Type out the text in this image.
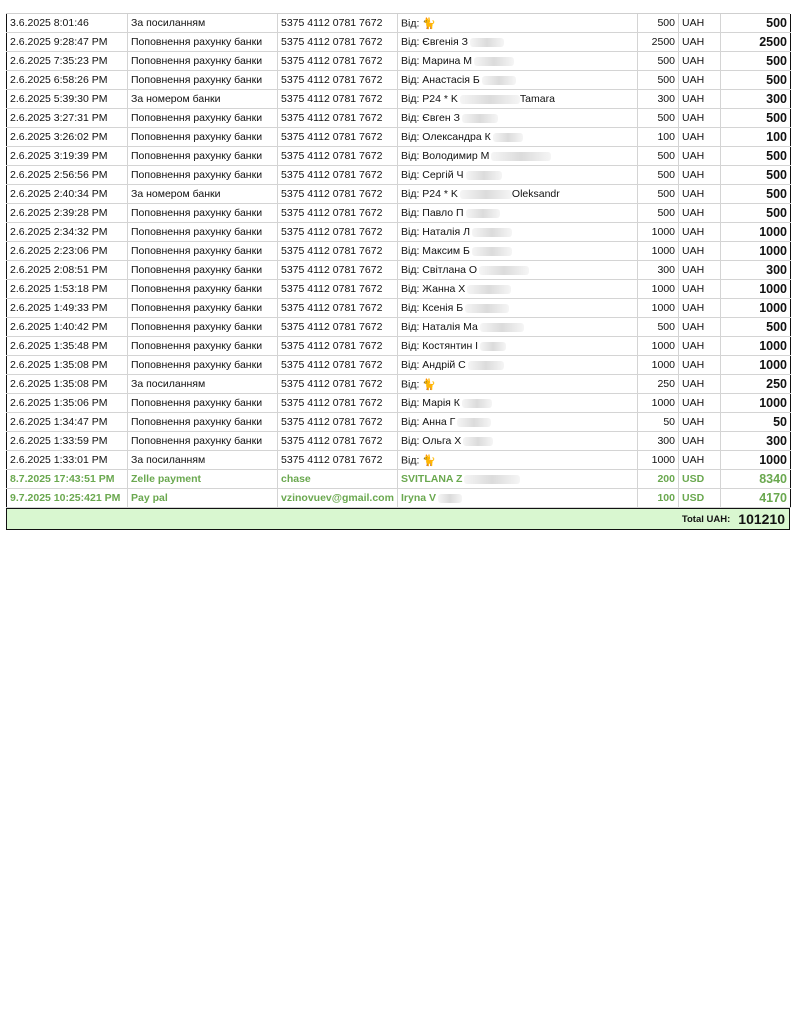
3.6.2025 8:01:46	За посиланням	5375 4112 0781 7672	Від: 🐈	500	UAH	500
2.6.2025 9:28:47 PM	Поповнення рахунку банки	5375 4112 0781 7672	Від: Євгенія З	2500	UAH	2500
2.6.2025 7:35:23 PM	Поповнення рахунку банки	5375 4112 0781 7672	Від: Марина М	500	UAH	500
2.6.2025 6:58:26 PM	Поповнення рахунку банки	5375 4112 0781 7672	Від: Анастасія Б	500	UAH	500
2.6.2025 5:39:30 PM	За номером банки	5375 4112 0781 7672	Від: P24 * K Tamara	300	UAH	300
2.6.2025 3:27:31 PM	Поповнення рахунку банки	5375 4112 0781 7672	Від: Євген З	500	UAH	500
2.6.2025 3:26:02 PM	Поповнення рахунку банки	5375 4112 0781 7672	Від: Олександра К	100	UAH	100
2.6.2025 3:19:39 PM	Поповнення рахунку банки	5375 4112 0781 7672	Від: Володимир М	500	UAH	500
2.6.2025 2:56:56 PM	Поповнення рахунку банки	5375 4112 0781 7672	Від: Сергій Ч	500	UAH	500
2.6.2025 2:40:34 PM	За номером банки	5375 4112 0781 7672	Від: P24 * K Oleksandr	500	UAH	500
2.6.2025 2:39:28 PM	Поповнення рахунку банки	5375 4112 0781 7672	Від: Павло П	500	UAH	500
2.6.2025 2:34:32 PM	Поповнення рахунку банки	5375 4112 0781 7672	Від: Наталія Л	1000	UAH	1000
2.6.2025 2:23:06 PM	Поповнення рахунку банки	5375 4112 0781 7672	Від: Максим Б	1000	UAH	1000
2.6.2025 2:08:51 PM	Поповнення рахунку банки	5375 4112 0781 7672	Від: Світлана О	300	UAH	300
2.6.2025 1:53:18 PM	Поповнення рахунку банки	5375 4112 0781 7672	Від: Жанна Х	1000	UAH	1000
2.6.2025 1:49:33 PM	Поповнення рахунку банки	5375 4112 0781 7672	Від: Ксенія Б	1000	UAH	1000
2.6.2025 1:40:42 PM	Поповнення рахунку банки	5375 4112 0781 7672	Від: Наталія Ма	500	UAH	500
2.6.2025 1:35:48 PM	Поповнення рахунку банки	5375 4112 0781 7672	Від: Костянтин I	1000	UAH	1000
2.6.2025 1:35:08 PM	Поповнення рахунку банки	5375 4112 0781 7672	Від: Андрій С	1000	UAH	1000
2.6.2025 1:35:08 PM	За посиланням	5375 4112 0781 7672	Від: 🐈	250	UAH	250
2.6.2025 1:35:06 PM	Поповнення рахунку банки	5375 4112 0781 7672	Від: Марія К	1000	UAH	1000
2.6.2025 1:34:47 PM	Поповнення рахунку банки	5375 4112 0781 7672	Від: Анна Г	50	UAH	50
2.6.2025 1:33:59 PM	Поповнення рахунку банки	5375 4112 0781 7672	Від: Ольга Х	300	UAH	300
2.6.2025 1:33:01 PM	За посиланням	5375 4112 0781 7672	Від: 🐈	1000	UAH	1000
8.7.2025 17:43:51 PM	Zelle payment	chase	SVITLANA Z	200	USD	8340
9.7.2025 10:25:421 PM	Pay pal	vzinovuev@gmail.com	Iryna V	100	USD	4170
Total UAH: 101210
